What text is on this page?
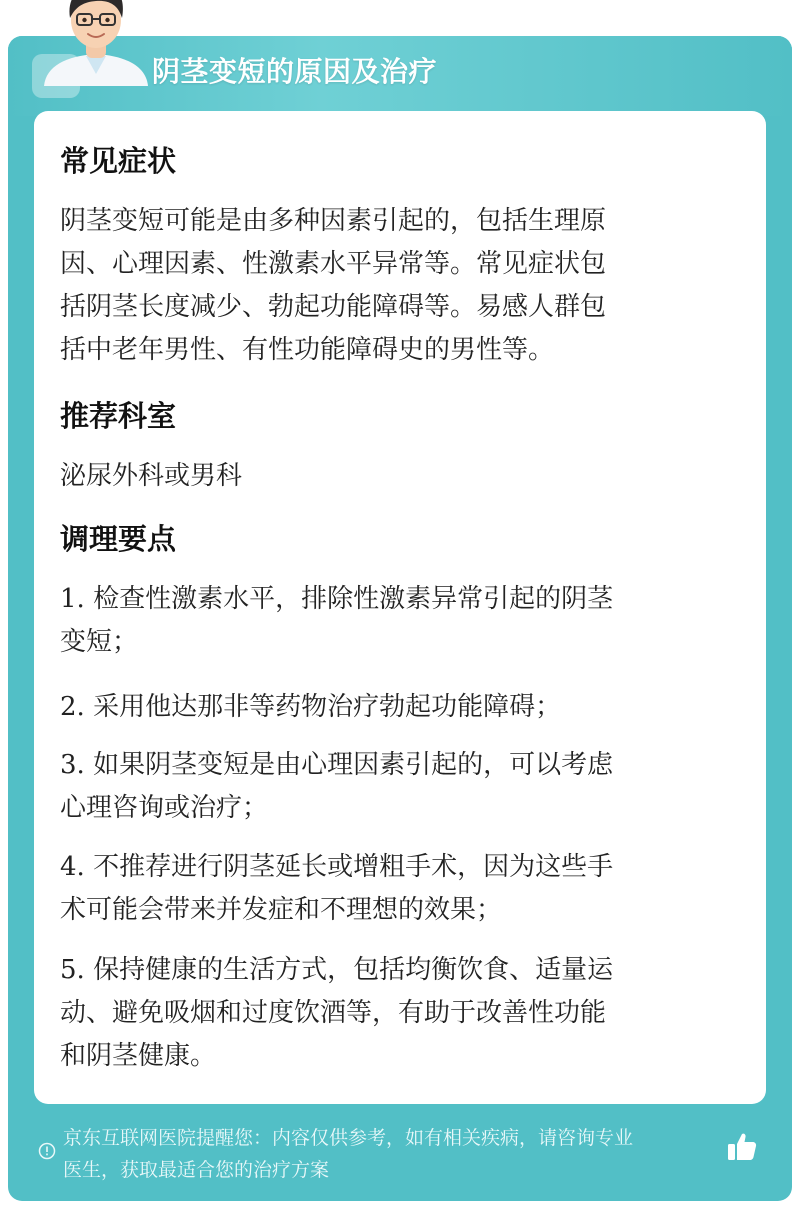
阴茎变短的原因及治疗
常见症状
阴茎变短可能是由多种因素引起的，包括生理原
因、心理因素、性激素水平异常等。常见症状包
括阴茎长度减少、勃起功能障碍等。易感人群包
括中老年男性、有性功能障碍史的男性等。
推荐科室
泌尿外科或男科
调理要点
1. 检查性激素水平，排除性激素异常引起的阴茎
变短；
2. 采用他达那非等药物治疗勃起功能障碍；
3. 如果阴茎变短是由心理因素引起的，可以考虑
心理咨询或治疗；
4. 不推荐进行阴茎延长或增粗手术，因为这些手
术可能会带来并发症和不理想的效果；
5. 保持健康的生活方式，包括均衡饮食、适量运
动、避免吸烟和过度饮酒等，有助于改善性功能
和阴茎健康。
京东互联网医院提醒您：内容仅供参考，如有相关疾病，请咨询专业
医生，获取最适合您的治疗方案
